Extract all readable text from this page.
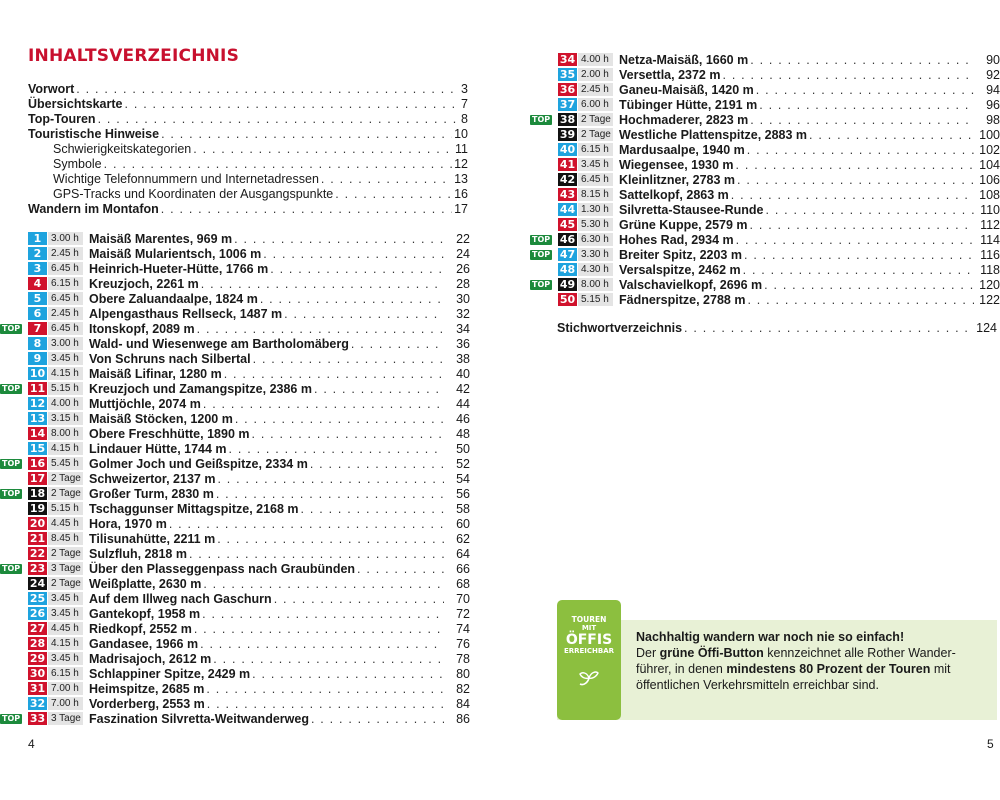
INHALTSVERZEICHNIS
Vorwort . . .	3
Übersichtskarte . . .	7
Top-Touren . . .	8
Touristische Hinweise . . .	10
Schwierigkeitskategorien . . .	11
Symbole . . .	12
Wichtige Telefonnummern und Internetadressen . . .	13
GPS-Tracks und Koordinaten der Ausgangspunkte . . .	16
Wandern im Montafon . . .	17
1 3.00 h Maisäß Marentes, 969 m . . .	22
2 2.45 h Maisäß Mularientsch, 1006 m . . .	24
3 6.45 h Heinrich-Hueter-Hütte, 1766 m . . .	26
4 6.15 h Kreuzjoch, 2261 m . . .	28
5 6.45 h Obere Zaluandaalpe, 1824 m . . .	30
6 2.45 h Alpengasthaus Rellseck, 1487 m . . .	32
TOP	7 6.45 h Itonskopf, 2089 m . . .	34
8 3.00 h Wald- und Wiesenwege am Bartholomäberg . . .	36
9 3.45 h Von Schruns nach Silbertal . . .	38
10 4.15 h Maisäß Lifinar, 1280 m . . .	40
TOP 11 5.15 h Kreuzjoch und Zamangspitze, 2386 m . . .	42
12 4.00 h Muttjöchle, 2074 m . . .	44
13 3.15 h Maisäß Stöcken, 1200 m . . .	46
14 8.00 h Obere Freschhütte, 1890 m . . .	48
15 4.15 h Lindauer Hütte, 1744 m . . .	50
TOP 16 5.45 h Golmer Joch und Geißspitze, 2334 m . . .	52
17 2 Tage Schweizertor, 2137 m . . .	54
TOP 18 2 Tage Großer Turm, 2830 m . . .	56
19 5.15 h Tschaggunser Mittagspitze, 2168 m . . .	58
20 4.45 h Hora, 1970 m . . .	60
21 8.45 h Tilisunahütte, 2211 m . . .	62
22 2 Tage Sulzfluh, 2818 m . . .	64
TOP 23 3 Tage Über den Plasseggenpass nach Graubünden . . .	66
24 2 Tage Weißplatte, 2630 m . . .	68
25 3.45 h Auf dem Illweg nach Gaschurn . . .	70
26 3.45 h Gantekopf, 1958 m . . .	72
27 4.45 h Riedkopf, 2552 m . . .	74
28 4.15 h Gandasee, 1966 m . . .	76
29 3.45 h Madrisajoch, 2612 m . . .	78
30 6.15 h Schlappiner Spitze, 2429 m . . .	80
31 7.00 h Heimspitze, 2685 m . . .	82
32 7.00 h Vorderberg, 2553 m . . .	84
TOP 33 3 Tage Faszination Silvretta-Weitwanderweg . . .	86
34 4.00 h Netza-Maisäß, 1660 m . . .	90
35 2.00 h Versettla, 2372 m . . .	92
36 2.45 h Ganeu-Maisäß, 1420 m . . .	94
37 6.00 h Tübinger Hütte, 2191 m . . .	96
TOP 38 2 Tage Hochmaderer, 2823 m . . .	98
39 2 Tage Westliche Plattenspitze, 2883 m . . .	100
40 6.15 h Mardusaalpe, 1940 m . . .	102
41 3.45 h Wiegensee, 1930 m . . .	104
42 6.45 h Kleinlitzner, 2783 m . . .	106
43 8.15 h Sattelkopf, 2863 m . . .	108
44 1.30 h Silvretta-Stausee-Runde . . .	110
45 5.30 h Grüne Kuppe, 2579 m . . .	112
TOP 46 6.30 h Hohes Rad, 2934 m . . .	114
TOP 47 3.30 h Breiter Spitz, 2203 m . . .	116
48 4.30 h Versalspitze, 2462 m . . .	118
TOP 49 8.00 h Valschavielkopf, 2696 m . . .	120
50 5.15 h Fädnerspitze, 2788 m . . .	122
Stichwortverzeichnis . . .	124
TOUREN
MIT
ÖFFIS
ERREICHBAR
Nachhaltig wandern war noch nie so einfach!
Der grüne Öffi-Button kennzeichnet alle Rother Wanderführer, in denen mindestens 80 Prozent der Touren mit öffentlichen Verkehrsmitteln erreichbar sind.
4	5
